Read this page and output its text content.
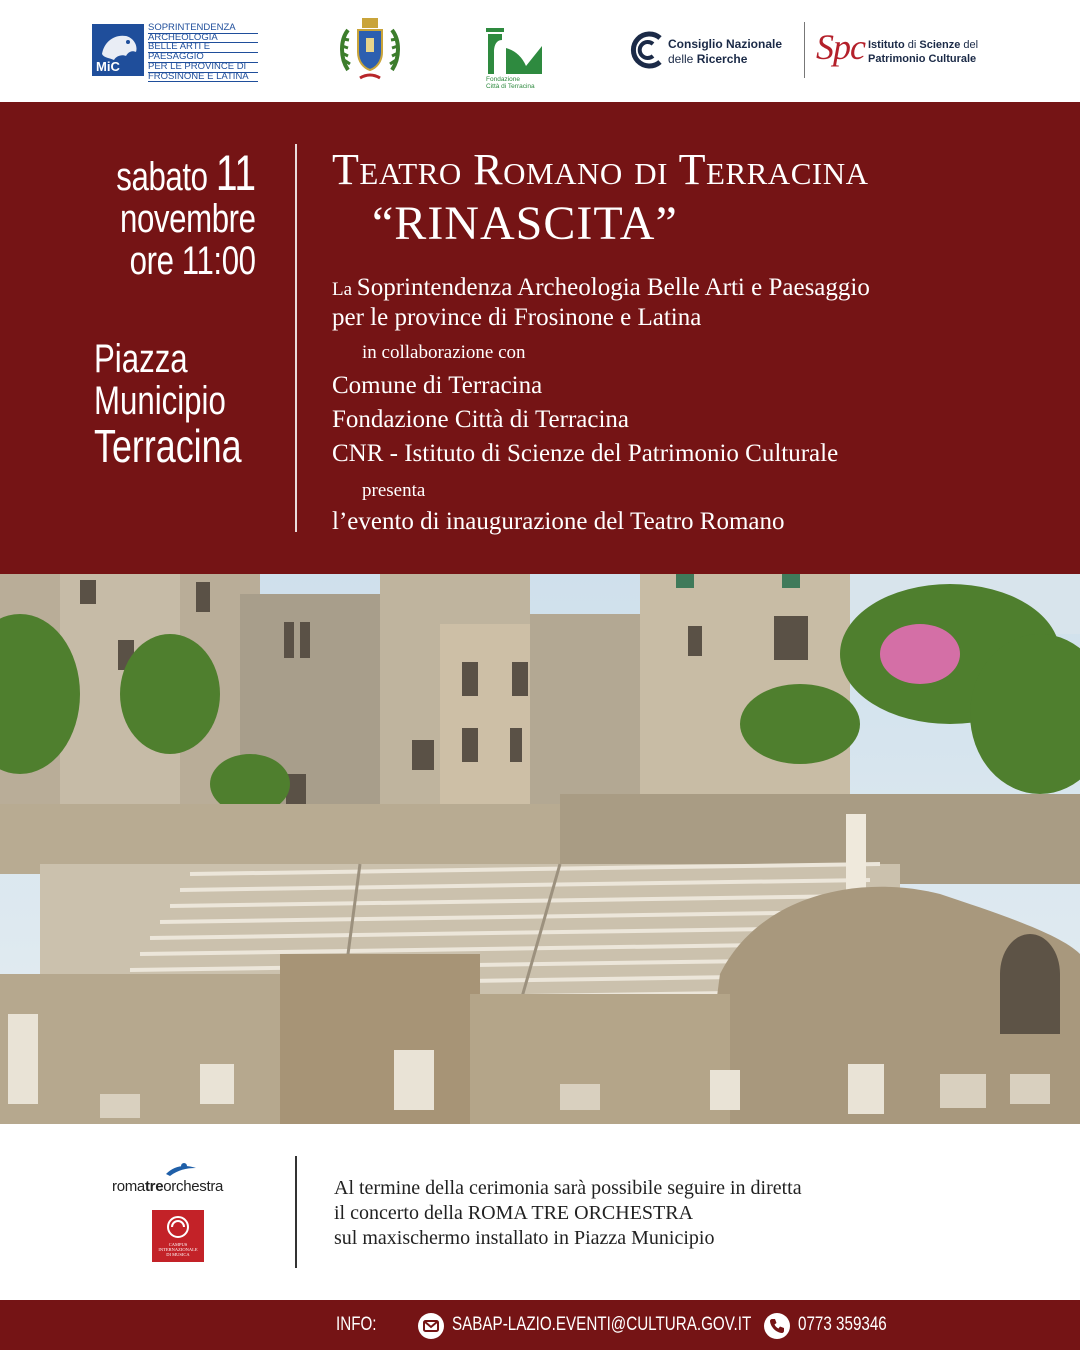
MiC
SOPRINTENDENZA
ARCHEOLOGIA
BELLE ARTI E
PAESAGGIO
PER LE PROVINCE DI
FROSINONE E LATINA	Fondazione
Città di Terracina
Consiglio Nazionale
delle Ricerche	Spc Istituto di Scienze del
Patrimonio Culturale
sabato 11
novembre
ore 11:00
Piazza
Municipio
Terracina
Teatro Romano di Terracina
“RINASCITA”
La Soprintendenza Archeologia Belle Arti e Paesaggio
per le province di Frosinone e Latina
in collaborazione con
Comune di Terracina
Fondazione Città di Terracina
CNR - Istituto di Scienze del Patrimonio Culturale
presenta
l’evento di inaugurazione del Teatro Romano
romatreorchestra
CAMPUS
INTERNAZIONALE
DI MUSICA
Al termine della cerimonia sarà possibile seguire in diretta
il concerto della ROMA TRE ORCHESTRA
sul maxischermo installato in Piazza Municipio
INFO:	SABAP-LAZIO.EVENTI@CULTURA.GOV.IT 0773 359346
